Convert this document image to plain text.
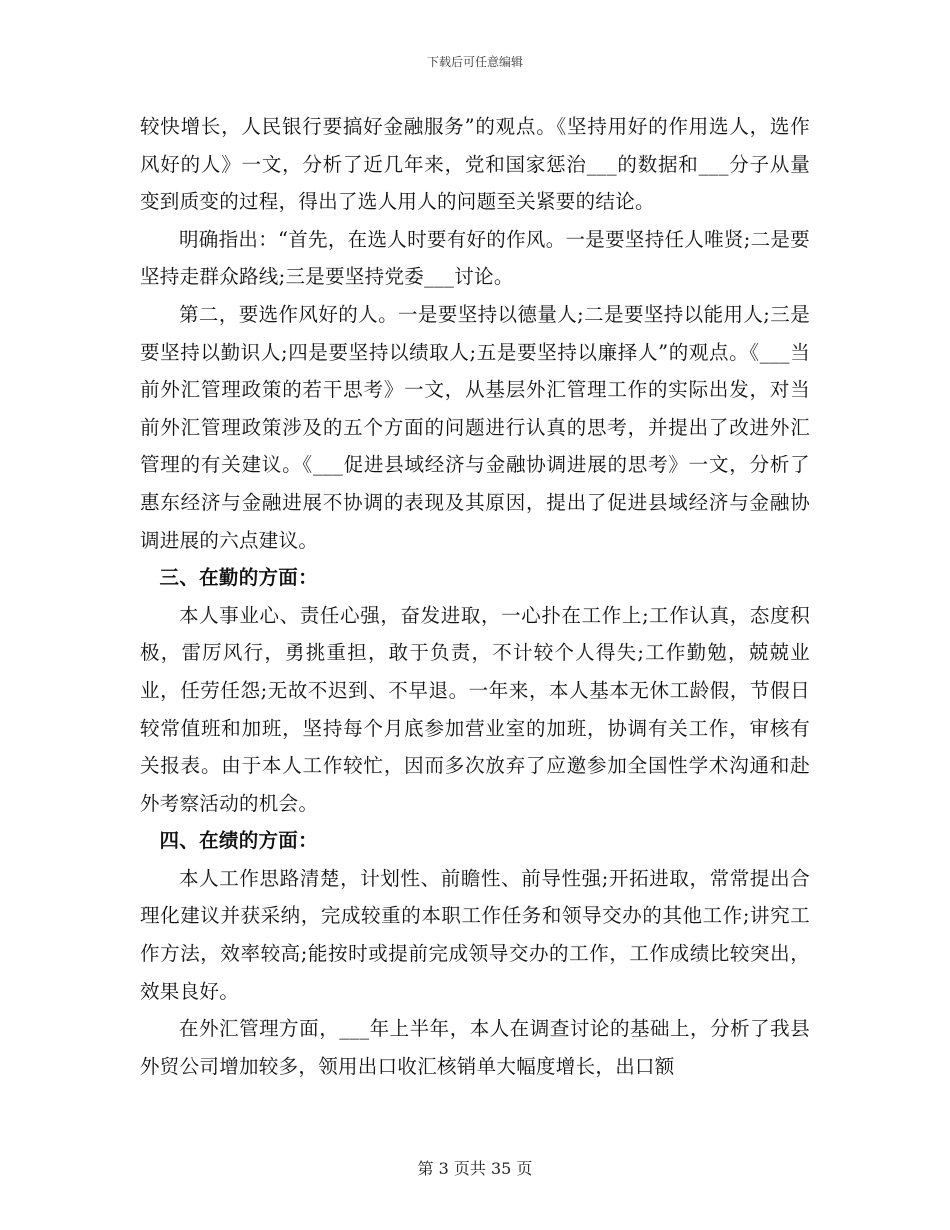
下载后可任意编辑

较快增长，人民银行要搞好金融服务”的观点。《坚持用好的作用选人，选作风好的人》一文，分析了近几年来，党和国家惩治___的数据和___分子从量变到质变的过程，得出了选人用人的问题至关紧要的结论。

明确指出：“首先，在选人时要有好的作风。一是要坚持任人唯贤;二是要坚持走群众路线;三是要坚持党委___讨论。

第二，要选作风好的人。一是要坚持以德量人;二是要坚持以能用人;三是要坚持以勤识人;四是要坚持以绩取人;五是要坚持以廉择人”的观点。《___当前外汇管理政策的若干思考》一文，从基层外汇管理工作的实际出发，对当前外汇管理政策涉及的五个方面的问题进行认真的思考，并提出了改进外汇管理的有关建议。《___促进县域经济与金融协调进展的思考》一文，分析了惠东经济与金融进展不协调的表现及其原因，提出了促进县域经济与金融协调进展的六点建议。

三、在勤的方面：

本人事业心、责任心强，奋发进取，一心扑在工作上;工作认真，态度积极，雷厉风行，勇挑重担，敢于负责，不计较个人得失;工作勤勉，兢兢业业，任劳任怨;无故不迟到、不早退。一年来，本人基本无休工龄假，节假日较常值班和加班，坚持每个月底参加营业室的加班，协调有关工作，审核有关报表。由于本人工作较忙，因而多次放弃了应邀参加全国性学术沟通和赴外考察活动的机会。

四、在绩的方面：

本人工作思路清楚，计划性、前瞻性、前导性强;开拓进取，常常提出合理化建议并获采纳，完成较重的本职工作任务和领导交办的其他工作;讲究工作方法，效率较高;能按时或提前完成领导交办的工作，工作成绩比较突出，效果良好。

在外汇管理方面，___年上半年，本人在调查讨论的基础上，分析了我县外贸公司增加较多，领用出口收汇核销单大幅度增长，出口额

第 3 页共 35 页
